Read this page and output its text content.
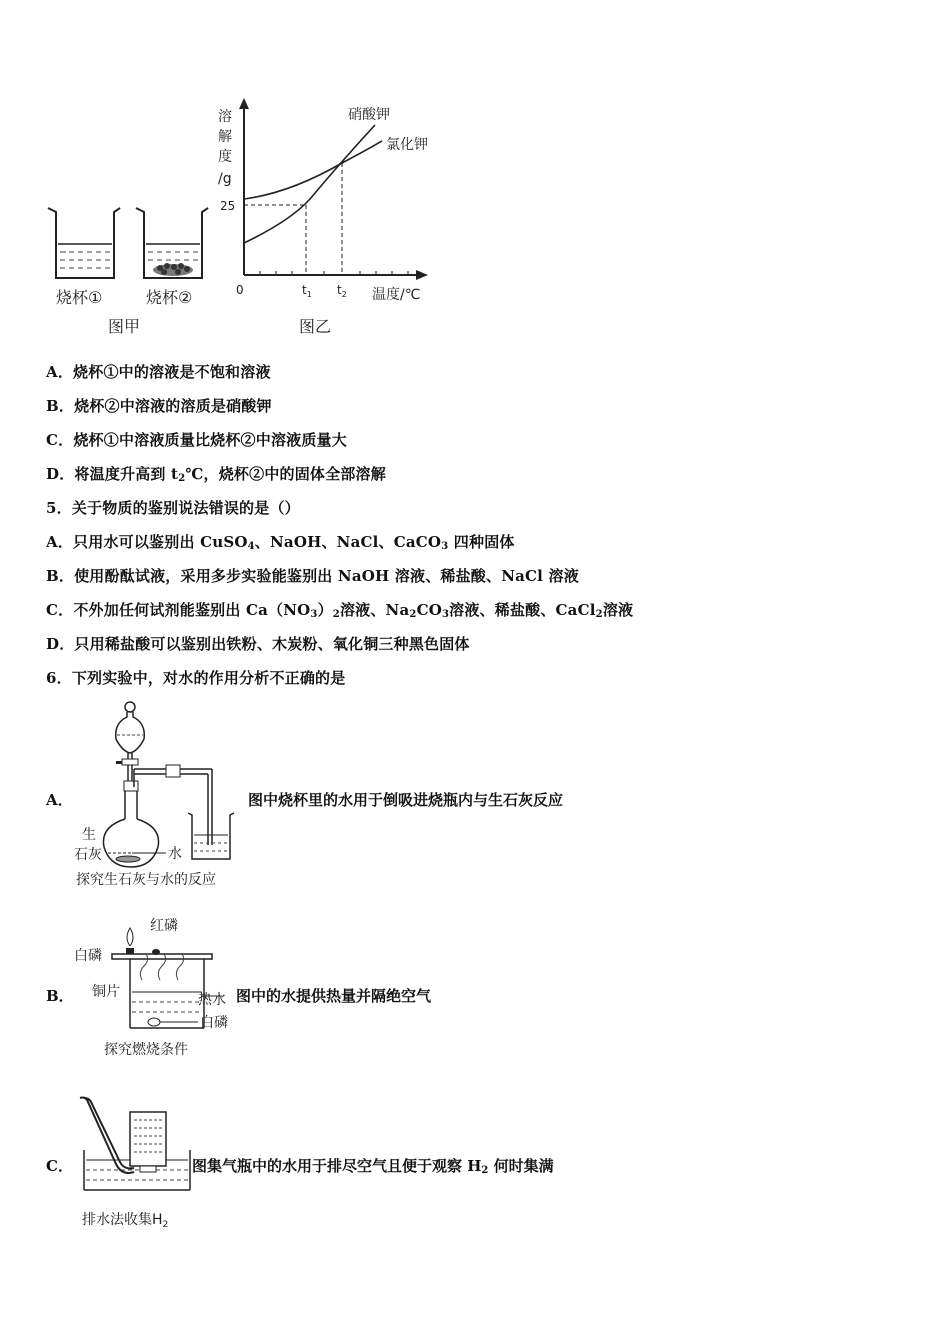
烧杯①	烧杯②
图甲
溶
解
度
/g
25
0	$t_1$ $t_2$ 温度/℃
硝酸钾
氯化钾
图乙
A．烧杯①中的溶液是不饱和溶液
B．烧杯②中溶液的溶质是硝酸钾
C．烧杯①中溶液质量比烧杯②中溶液质量大
D．将温度升高到 $t_2℃$，烧杯②中的固体全部溶解
5．关于物质的鉴别说法错误的是（）
A．只用水可以鉴别出 CuSO$_4$、NaOH、NaCl、CaCO$_3$ 四种固体
B．使用酚酞试液，采用多步实验能鉴别出 NaOH 溶液、稀盐酸、NaCl 溶液
C．不外加任何试剂能鉴别出 $Ca(NO_3)_2$溶液、$Na_2CO_3$溶液、稀盐酸、CaCl$_2$溶液
D．只用稀盐酸可以鉴别出铁粉、木炭粉、氧化铜三种黑色固体
6．下列实验中，对水的作用分析不正确的是
A．
生
石灰	水
探究生石灰与水的反应
图中烧杯里的水用于倒吸进烧瓶内与生石灰反应
B．
红磷
白磷
铜片	热水
白磷
探究燃烧条件
图中的水提供热量并隔绝空气
C．
排水法收集$H_2$
图集气瓶中的水用于排尽空气且便于观察 $H_2$ 何时集满
